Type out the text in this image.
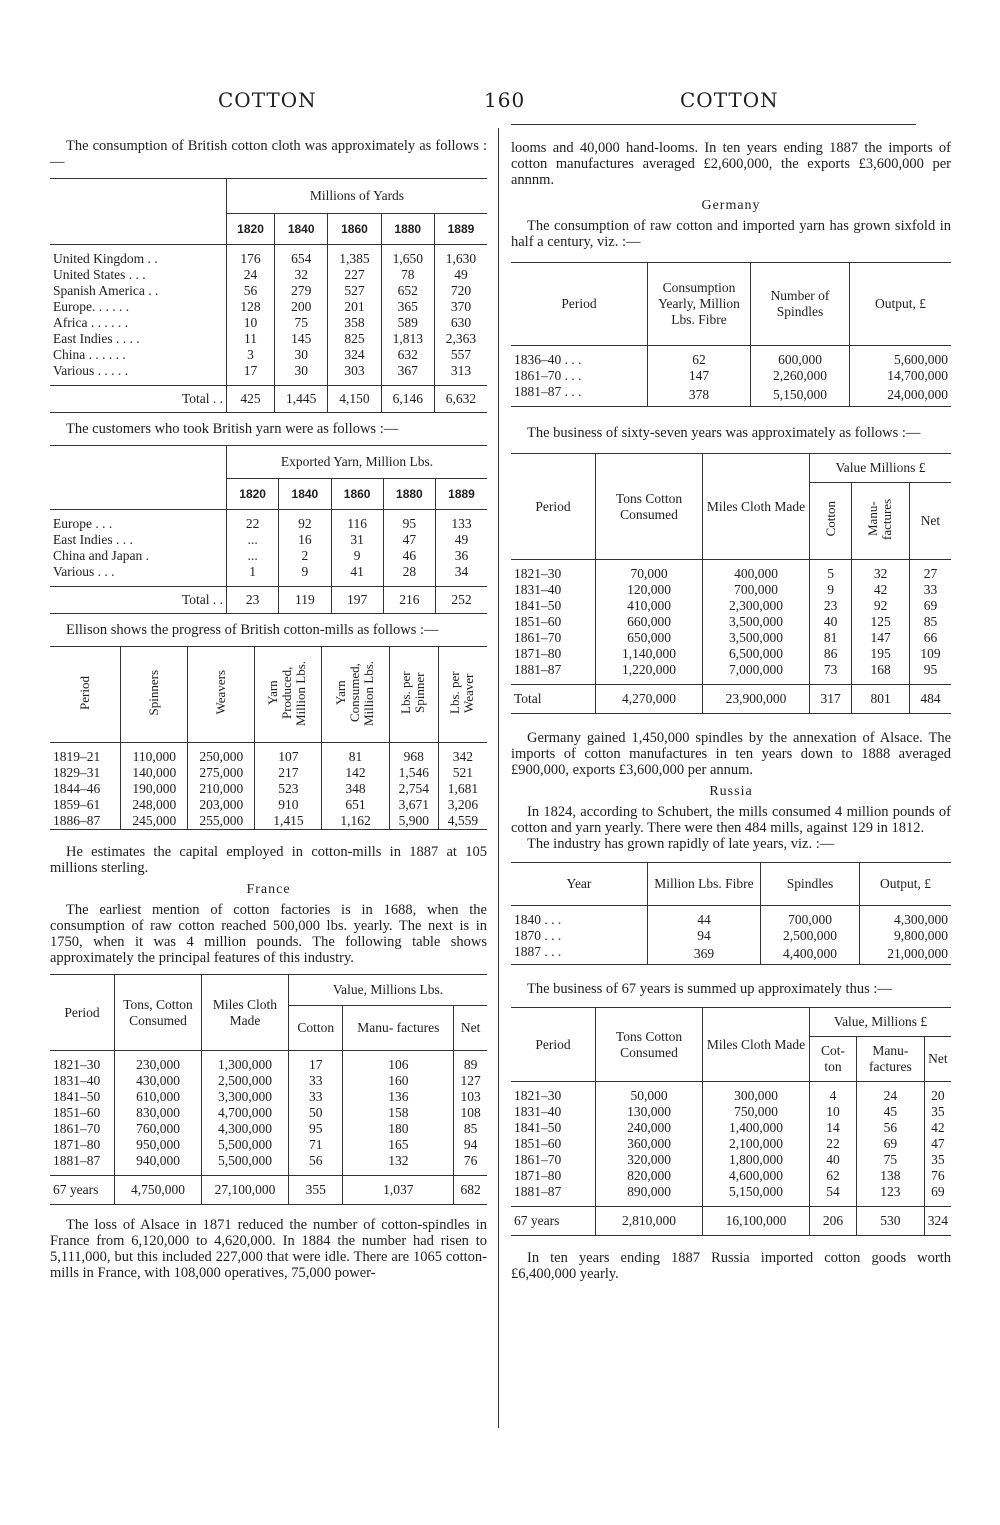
COTTON	160	COTTON

The consumption of British cotton cloth was approximately as follows :—

	Millions of Yards				
	1820	1840	1860	1880	1889

United Kingdom . .	176	654	1,385	1,650	1,630
United States . . .	24	32	227	78	49
Spanish America . .	56	279	527	652	720
Europe. . . . . .	128	200	201	365	370
Africa . . . . . .	10	75	358	589	630
East Indies . . . .	11	145	825	1,813	2,363
China . . . . . .	3	30	324	632	557
Various . . . . .	17	30	303	367	313

Total . .	425	1,445	4,150	6,146	6,632

The customers who took British yarn were as follows :—

	Exported Yarn, Million Lbs.				
	1820	1840	1860	1880	1889

Europe . . .	22	92	116	95	133
East Indies . . .	...	16	31	47	49
China and Japan .	...	2	9	46	36
Various . . .	1	9	41	28	34

Total . .	23	119	197	216	252

Ellison shows the progress of British cotton-mills as follows :—

Period	Spinners	Weavers	Yarn Produced, Million Lbs.	Yarn Consumed, Million Lbs.	Lbs. per Spinner	Lbs. per Weaver

1819–21	110,000	250,000	107	81	968	342
1829–31	140,000	275,000	217	142	1,546	521
1844–46	190,000	210,000	523	348	2,754	1,681
1859–61	248,000	203,000	910	651	3,671	3,206
1886–87	245,000	255,000	1,415	1,162	5,900	4,559

He estimates the capital employed in cotton-mills in 1887 at 105 millions sterling.

France

The earliest mention of cotton factories is in 1688, when the consumption of raw cotton reached 500,000 lbs. yearly. The next is in 1750, when it was 4 million pounds. The following table shows approximately the principal features of this industry.

Period	Tons, Cotton Consumed	Miles Cloth Made	Value, Millions Lbs.		
			Cotton	Manu- factures	Net

1821–30	230,000	1,300,000	17	106	89
1831–40	430,000	2,500,000	33	160	127
1841–50	610,000	3,300,000	33	136	103
1851–60	830,000	4,700,000	50	158	108
1861–70	760,000	4,300,000	95	180	85
1871–80	950,000	5,500,000	71	165	94
1881–87	940,000	5,500,000	56	132	76

67 years	4,750,000	27,100,000	355	1,037	682

The loss of Alsace in 1871 reduced the number of cotton-spindles in France from 6,120,000 to 4,620,000. In 1884 the number had risen to 5,111,000, but this included 227,000 that were idle. There are 1065 cotton-mills in France, with 108,000 operatives, 75,000 power-

looms and 40,000 hand-looms. In ten years ending 1887 the imports of cotton manufactures averaged £2,600,000, the exports £3,600,000 per annnm.

Germany

The consumption of raw cotton and imported yarn has grown sixfold in half a century, viz. :—

Period	Consumption Yearly, Million Lbs. Fibre	Number of Spindles	Output, £

1836–40 . . .	62	600,000	5,600,000
1861–70 . . .	147	2,260,000	14,700,000
1881–87 . . .	378	5,150,000	24,000,000

The business of sixty-seven years was approximately as follows :—

Period	Tons Cotton Consumed	Miles Cloth Made	Value Millions £		
			Cotton	Manu- factures	Net

1821–30	70,000	400,000	5	32	27
1831–40	120,000	700,000	9	42	33
1841–50	410,000	2,300,000	23	92	69
1851–60	660,000	3,500,000	40	125	85
1861–70	650,000	3,500,000	81	147	66
1871–80	1,140,000	6,500,000	86	195	109
1881–87	1,220,000	7,000,000	73	168	95

Total	4,270,000	23,900,000	317	801	484

Germany gained 1,450,000 spindles by the annexation of Alsace. The imports of cotton manufactures in ten years down to 1888 averaged £900,000, exports £3,600,000 per annum.

Russia

In 1824, according to Schubert, the mills consumed 4 million pounds of cotton and yarn yearly. There were then 484 mills, against 129 in 1812.

The industry has grown rapidly of late years, viz. :—

Year	Million Lbs. Fibre	Spindles	Output, £

1840 . . .	44	700,000	4,300,000
1870 . . .	94	2,500,000	9,800,000
1887 . . .	369	4,400,000	21,000,000

The business of 67 years is summed up approximately thus :—

Period	Tons Cotton Consumed	Miles Cloth Made	Value, Millions £		
			Cot- ton	Manu- factures	Net

1821–30	50,000	300,000	4	24	20
1831–40	130,000	750,000	10	45	35
1841–50	240,000	1,400,000	14	56	42
1851–60	360,000	2,100,000	22	69	47
1861–70	320,000	1,800,000	40	75	35
1871–80	820,000	4,600,000	62	138	76
1881–87	890,000	5,150,000	54	123	69

67 years	2,810,000	16,100,000	206	530	324

In ten years ending 1887 Russia imported cotton goods worth £6,400,000 yearly.
